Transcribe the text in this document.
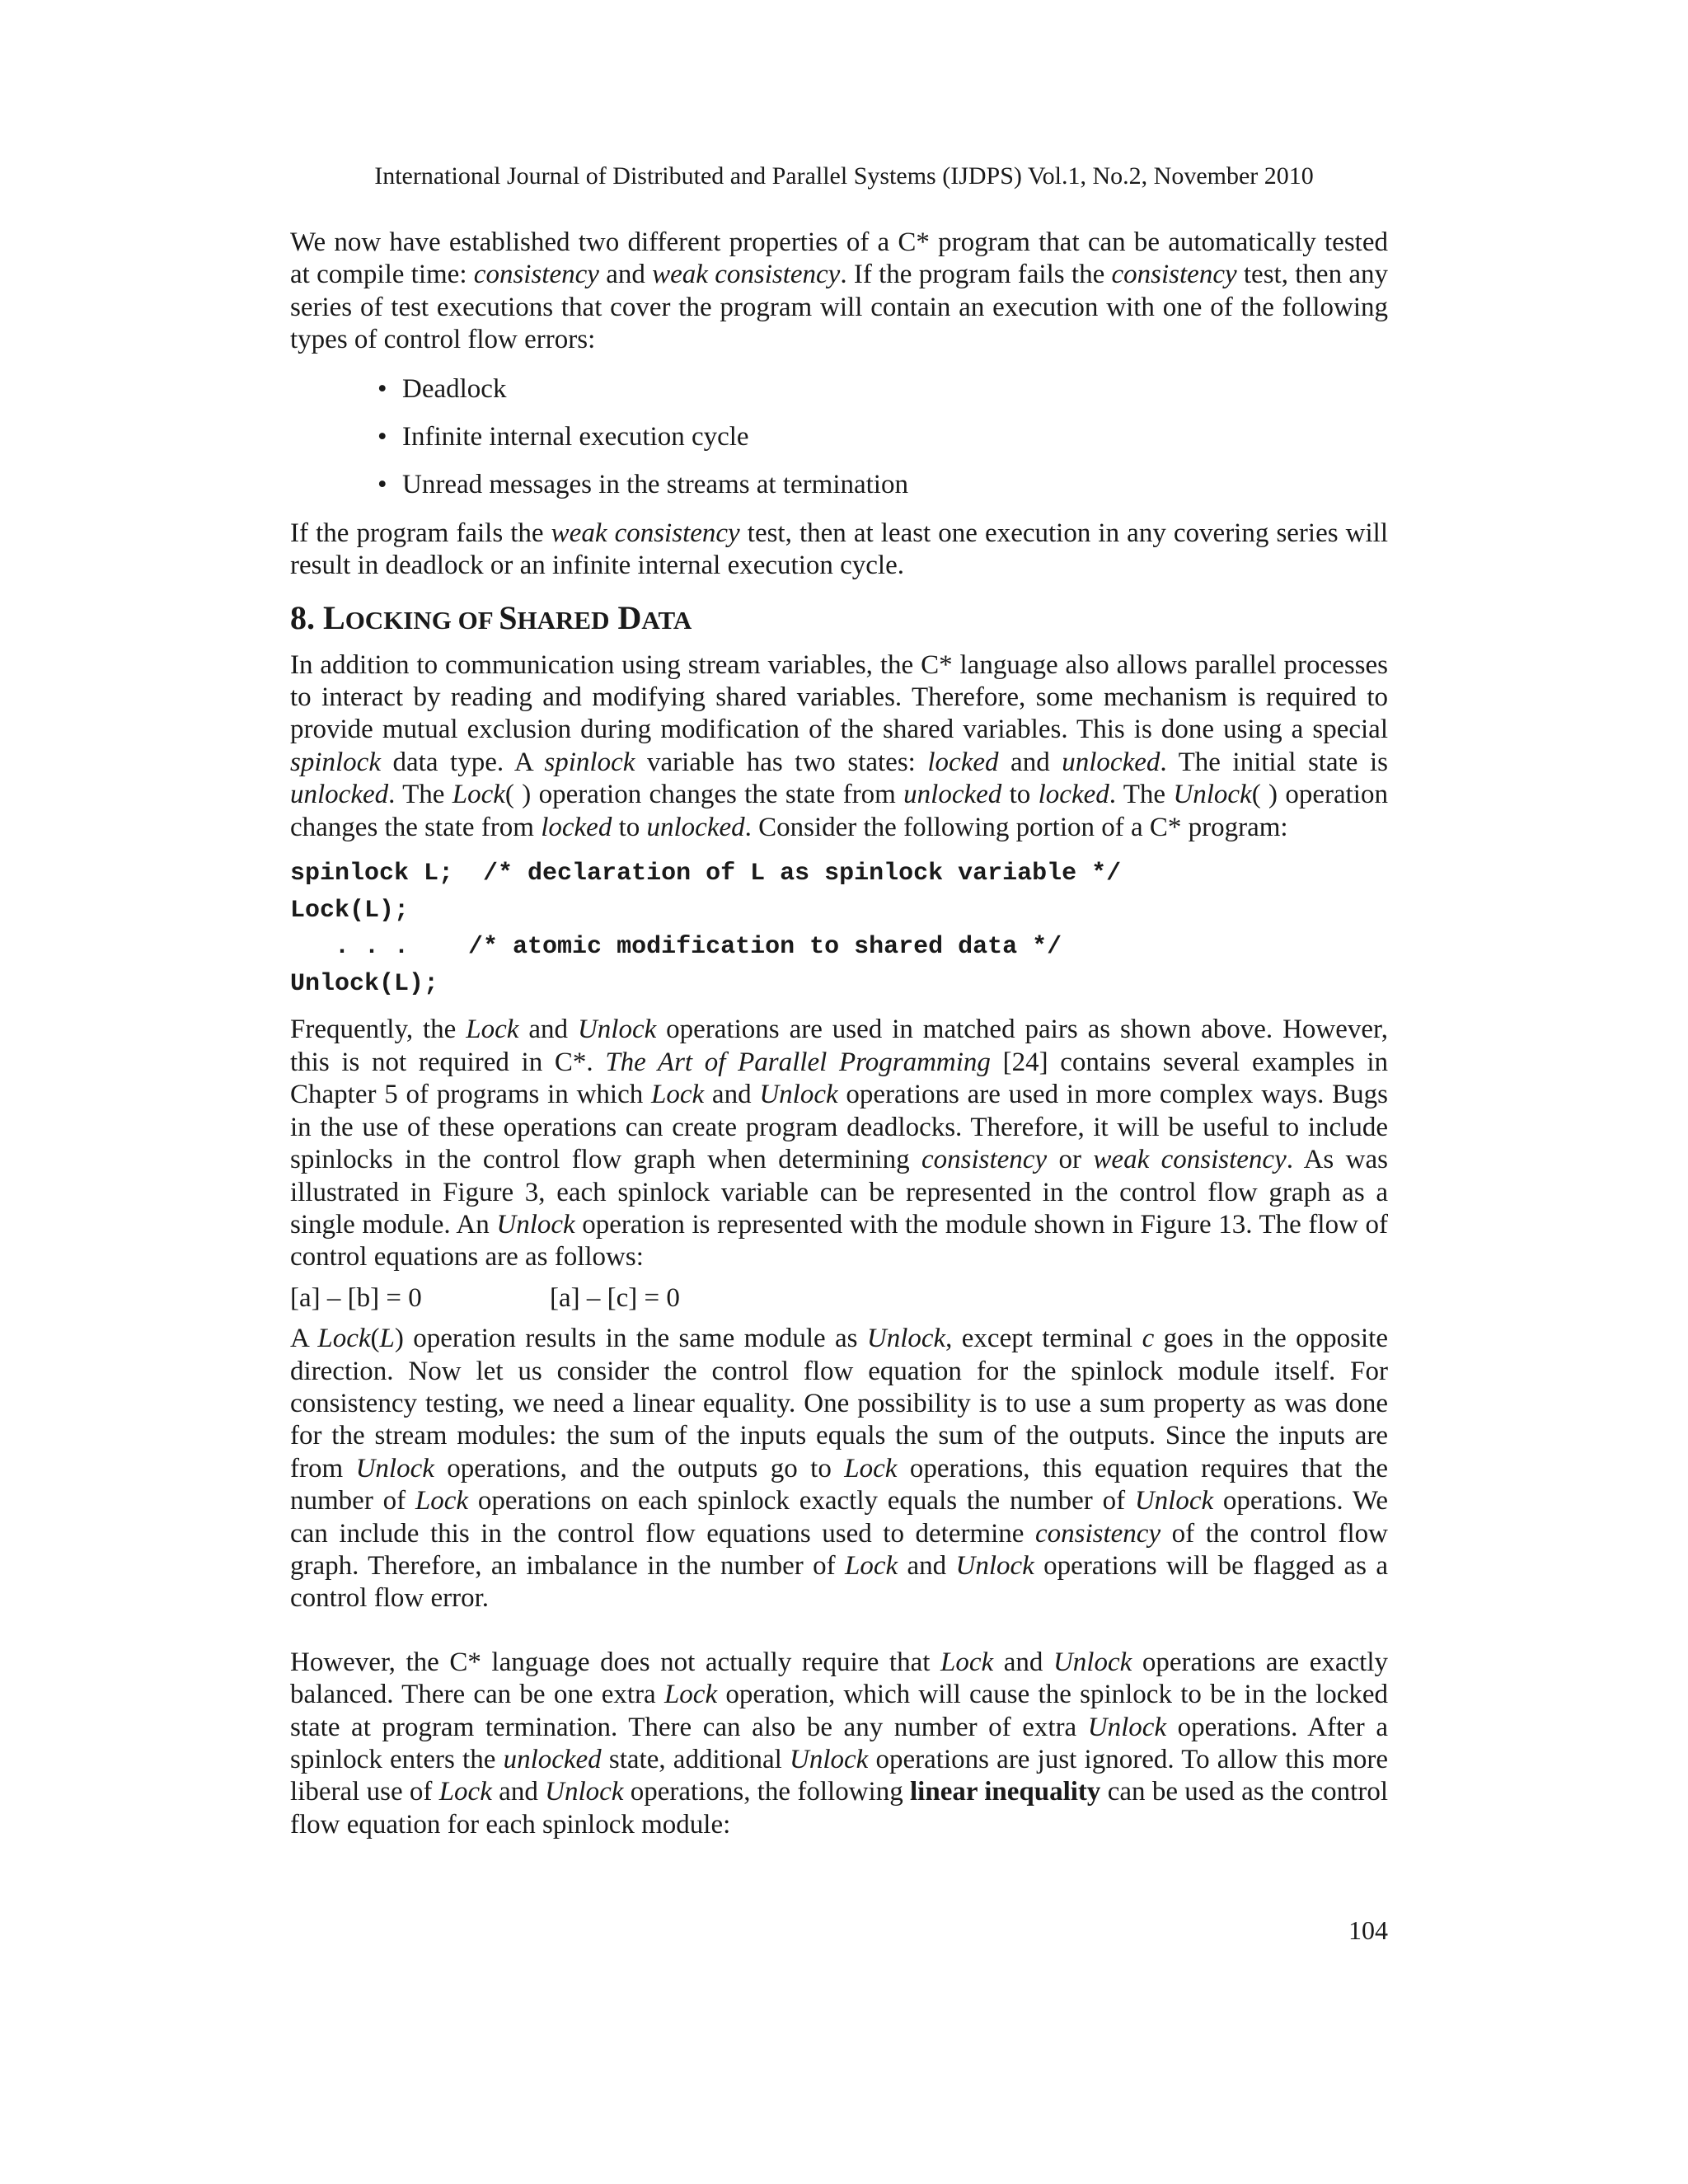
International Journal of Distributed and Parallel Systems (IJDPS) Vol.1, No.2, November 2010

We now have established two different properties of a C* program that can be automatically tested at compile time: consistency and weak consistency. If the program fails the consistency test, then any series of test executions that cover the program will contain an execution with one of the following types of control flow errors:

• Deadlock
• Infinite internal execution cycle
• Unread messages in the streams at termination

If the program fails the weak consistency test, then at least one execution in any covering series will result in deadlock or an infinite internal execution cycle.

8. LOCKING OF SHARED DATA

In addition to communication using stream variables, the C* language also allows parallel processes to interact by reading and modifying shared variables. Therefore, some mechanism is required to provide mutual exclusion during modification of the shared variables. This is done using a special spinlock data type. A spinlock variable has two states: locked and unlocked. The initial state is unlocked. The Lock( ) operation changes the state from unlocked to locked. The Unlock( ) operation changes the state from locked to unlocked. Consider the following portion of a C* program:

spinlock L;  /* declaration of L as spinlock variable */
Lock(L);
. . .    /* atomic modification to shared data */
Unlock(L);

Frequently, the Lock and Unlock operations are used in matched pairs as shown above. However, this is not required in C*. The Art of Parallel Programming [24] contains several examples in Chapter 5 of programs in which Lock and Unlock operations are used in more complex ways. Bugs in the use of these operations can create program deadlocks. Therefore, it will be useful to include spinlocks in the control flow graph when determining consistency or weak consistency. As was illustrated in Figure 3, each spinlock variable can be represented in the control flow graph as a single module. An Unlock operation is represented with the module shown in Figure 13. The flow of control equations are as follows:

[a] – [b] = 0	[a] – [c] = 0

A Lock(L) operation results in the same module as Unlock, except terminal c goes in the opposite direction. Now let us consider the control flow equation for the spinlock module itself. For consistency testing, we need a linear equality. One possibility is to use a sum property as was done for the stream modules: the sum of the inputs equals the sum of the outputs. Since the inputs are from Unlock operations, and the outputs go to Lock operations, this equation requires that the number of Lock operations on each spinlock exactly equals the number of Unlock operations. We can include this in the control flow equations used to determine consistency of the control flow graph. Therefore, an imbalance in the number of Lock and Unlock operations will be flagged as a control flow error.

However, the C* language does not actually require that Lock and Unlock operations are exactly balanced. There can be one extra Lock operation, which will cause the spinlock to be in the locked state at program termination. There can also be any number of extra Unlock operations. After a spinlock enters the unlocked state, additional Unlock operations are just ignored. To allow this more liberal use of Lock and Unlock operations, the following linear inequality can be used as the control flow equation for each spinlock module:

104
